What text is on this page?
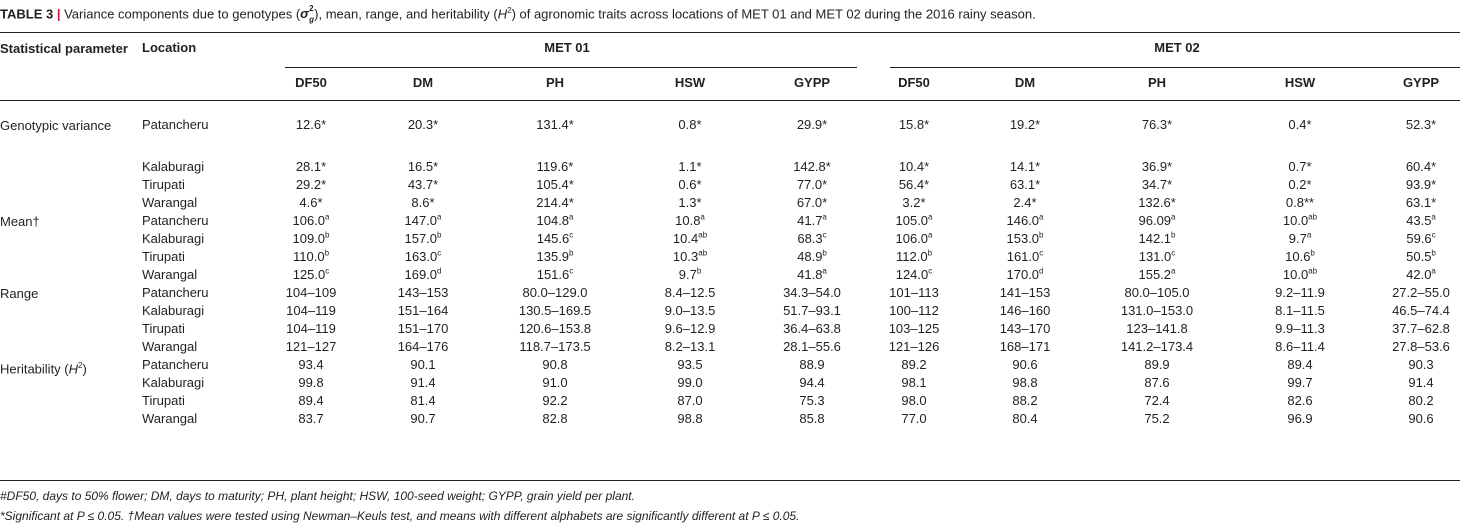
TABLE 3 | Variance components due to genotypes (σ 2
g ), mean, range, and heritability $(H^2)$ of agronomic traits across locations of MET 01 and MET 02 during the 2016 rainy season.
Statistical parameter Location	MET 01	MET 02
DF50	DM	PH	HSW	GYPP	DF50	DM	PH	HSW	GYPP
Genotypic variance	Patancheru	12.6*	20.3*	131.4*	0.8*	29.9*	15.8*	19.2*	76.3*	0.4*	52.3*
Kalaburagi	28.1*	16.5*	119.6*	1.1*	142.8*	10.4*	14.1*	36.9*	0.7*	60.4*
Tirupati	29.2*	43.7*	105.4*	0.6*	77.0*	56.4*	63.1*	34.7*	0.2*	93.9*
Warangal	4.6*	8.6*	214.4*	1.3*	67.0*	3.2*	2.4*	132.6*	0.8**	63.1*
Mean†	Patancheru	106.0$^a$	147.0$^a$	104.8$^a$	10.8$^a$	41.7$^a$	105.0$^a$	146.0$^a$	96.09$^a$	10.0$^{ab}$	43.5$^a$
Kalaburagi	109.0$^b$	157.0$^b$	145.6$^c$	10.4$^{ab}$	68.3$^c$	106.0$^a$	153.0$^b$	142.1$^b$	9.7$^a$	59.6$^c$
Tirupati	110.0$^b$	163.0$^c$	135.9$^b$	10.3$^{ab}$	48.9$^b$	112.0$^b$	161.0$^c$	131.0$^c$	10.6$^b$	50.5$^b$
Warangal	125.0$^c$	169.0$^d$	151.6$^c$	9.7$^b$	41.8$^a$	124.0$^c$	170.0$^d$	155.2$^a$	10.0$^{ab}$	42.0$^a$
Range	Patancheru	104–109	143–153	80.0–129.0	8.4–12.5	34.3–54.0	101–113	141–153	80.0–105.0	9.2–11.9	27.2–55.0
Kalaburagi	104–119	151–164	130.5–169.5	9.0–13.5	51.7–93.1	100–112	146–160	131.0–153.0	8.1–11.5	46.5–74.4
Tirupati	104–119	151–170	120.6–153.8	9.6–12.9	36.4–63.8	103–125	143–170	123–141.8	9.9–11.3	37.7–62.8
Warangal	121–127	164–176	118.7–173.5	8.2–13.1	28.1–55.6	121–126	168–171	141.2–173.4	8.6–11.4	27.8–53.6
Heritability $(H^2)$	Patancheru	93.4	90.1	90.8	93.5	88.9	89.2	90.6	89.9	89.4	90.3
Kalaburagi	99.8	91.4	91.0	99.0	94.4	98.1	98.8	87.6	99.7	91.4
Tirupati	89.4	81.4	92.2	87.0	75.3	98.0	88.2	72.4	82.6	80.2
Warangal	83.7	90.7	82.8	98.8	85.8	77.0	80.4	75.2	96.9	90.6
#DF50, days to 50% flower; DM, days to maturity; PH, plant height; HSW, 100-seed weight; GYPP, grain yield per plant.
*Significant at P ≤ 0.05. †Mean values were tested using Newman–Keuls test, and means with different alphabets are significantly different at P ≤ 0.05.
